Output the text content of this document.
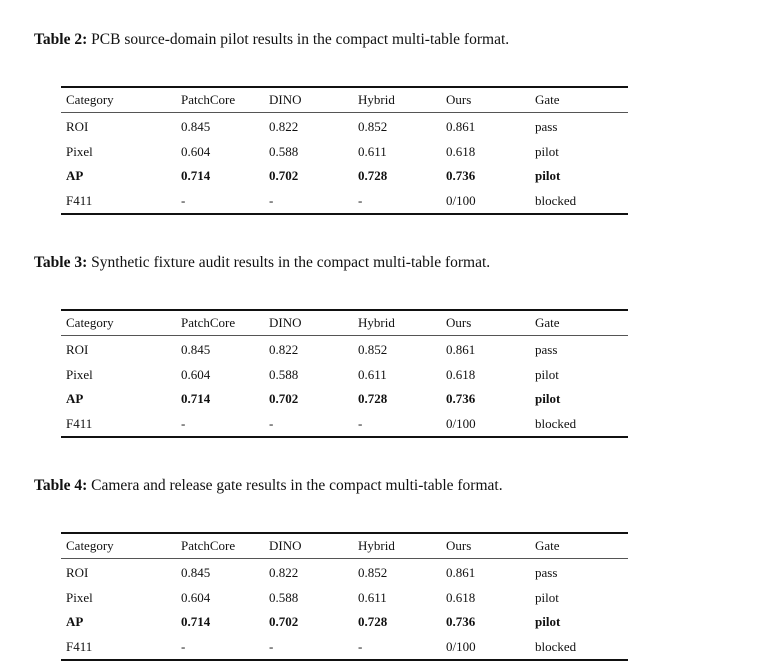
Table 2: PCB source-domain pilot results in the compact multi-table format.
Category	PatchCore	DINO	Hybrid	Ours	Gate
ROI	0.845	0.822	0.852	0.861	pass
Pixel	0.604	0.588	0.611	0.618	pilot
AP	0.714	0.702	0.728	0.736	pilot
F411	-	-	-	0/100	blocked
Table 3: Synthetic fixture audit results in the compact multi-table format.
Category	PatchCore	DINO	Hybrid	Ours	Gate
ROI	0.845	0.822	0.852	0.861	pass
Pixel	0.604	0.588	0.611	0.618	pilot
AP	0.714	0.702	0.728	0.736	pilot
F411	-	-	-	0/100	blocked
Table 4: Camera and release gate results in the compact multi-table format.
Category	PatchCore	DINO	Hybrid	Ours	Gate
ROI	0.845	0.822	0.852	0.861	pass
Pixel	0.604	0.588	0.611	0.618	pilot
AP	0.714	0.702	0.728	0.736	pilot
F411	-	-	-	0/100	blocked
